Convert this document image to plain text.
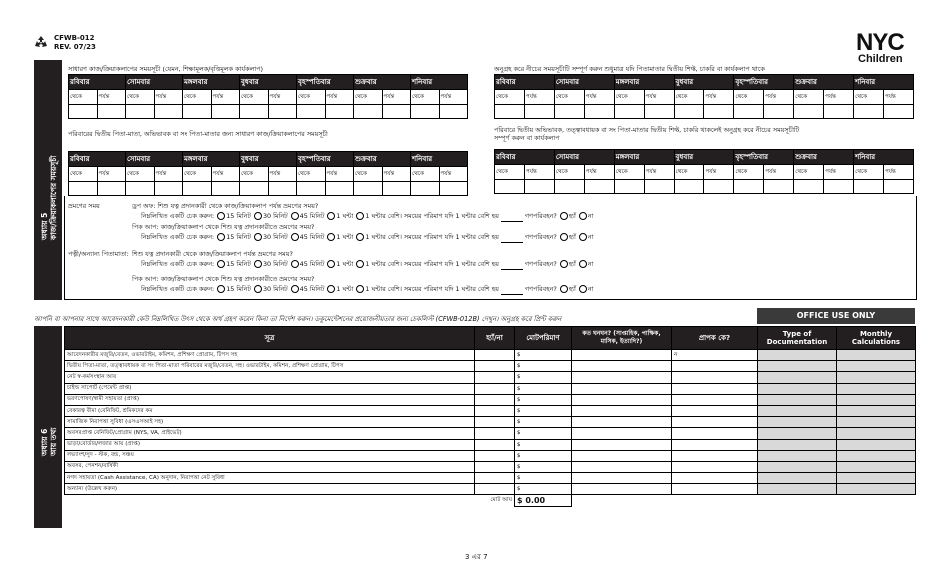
CFWB-012
REV. 07/23	NYC
Children
অধ্যায় 5
কাজ/ক্রিয়াকলাপের সময়সূচী
সাধারণ কাজ/ক্রিয়াকলাপের সময়সূচী (যেমন, শিক্ষামূলক/বৃত্তিমূলক কার্যকলাপ)	অনুগ্রহ করে নীচের সময়সূচীটি সম্পূর্ণ করুন শুধুমাত্র যদি পিতামাতার দ্বিতীয় শিফ্ট, চাকরি বা কার্যকলাপ থাকে
পরিবারের দ্বিতীয় পিতা-মাতা, অভিভাবক বা সং পিতা-মাতার জন্য সাধারণ কাজ/ক্রিয়াকলাপের সময়সূচী	পরিবারে দ্বিতীয় অভিভাবক, তত্ত্বাবধায়ক বা সং পিতা-মাতার দ্বিতীয় শিফ্ট, চাকরি থাকলেই অনুগ্রহ করে নীচের সময়সূচীটি
সম্পূর্ণ করুন বা কার্যকলাপ
রবিবার		সোমবার		মঙ্গলবার		বুধবার		বৃহস্পতিবার		শুক্রবার		শনিবার	
থেকে	পর্যন্ত	থেকে	পর্যন্ত	থেকে	পর্যন্ত	থেকে	পর্যন্ত	থেকে	পর্যন্ত	থেকে	পর্যন্ত	থেকে	পর্যন্ত

রবিবার		সোমবার		মঙ্গলবার		বুধবার		বৃহস্পতিবার		শুক্রবার		শনিবার	
থেকে	পর্যন্ত	থেকে	পর্যন্ত	থেকে	পর্যন্ত	থেকে	পর্যন্ত	থেকে	পর্যন্ত	থেকে	পর্যন্ত	থেকে	পর্যন্ত

রবিবার		সোমবার		মঙ্গলবার		বুধবার		বৃহস্পতিবার		শুক্রবার		শনিবার	
থেকে	পর্যন্ত	থেকে	পর্যন্ত	থেকে	পর্যন্ত	থেকে	পর্যন্ত	থেকে	পর্যন্ত	থেকে	পর্যন্ত	থেকে	পর্যন্ত

রবিবার		সোমবার		মঙ্গলবার		বুধবার		বৃহস্পতিবার		শুক্রবার		শনিবার	
থেকে	পর্যন্ত	থেকে	পর্যন্ত	থেকে	পর্যন্ত	থেকে	পর্যন্ত	থেকে	পর্যন্ত	থেকে	পর্যন্ত	থেকে	পর্যন্ত

ভ্রমণের সময়
পত্নী/অন্যান্য পিতামাতা:
ড্রপ অফ: শিশু যত্ন প্রদানকারী থেকে কাজ/ক্রিয়াকলাপ পর্যন্ত ভ্রমণের সময়?
নিম্নলিখিত একটি চেক করুন: 15 মিনিট 30 মিনিট 45 মিনিট 1 ঘন্টা 1 ঘন্টার বেশি। সময়ের পরিমাণ যদি 1 ঘন্টার বেশি হয়	গণপরিবহন? হ্যাঁ না
পিক আপ: কাজ/ক্রিয়াকলাপ থেকে শিশু যত্ন প্রদানকারীতে ভ্রমণের সময়?
নিম্নলিখিত একটি চেক করুন: 15 মিনিট 30 মিনিট 45 মিনিট 1 ঘন্টা 1 ঘন্টার বেশি। সময়ের পরিমাণ যদি 1 ঘন্টার বেশি হয়	গণপরিবহন? হ্যাঁ না
শিশু যত্ন প্রদানকারী থেকে কাজ/ক্রিয়াকলাপ পর্যন্ত ভ্রমণের সময়?
নিম্নলিখিত একটি চেক করুন: 15 মিনিট 30 মিনিট 45 মিনিট 1 ঘন্টা 1 ঘন্টার বেশি। সময়ের পরিমাণ যদি 1 ঘন্টার বেশি হয়	গণপরিবহন? হ্যাঁ না
পিক আপ: কাজ/ক্রিয়াকলাপ থেকে শিশু যত্ন প্রদানকারীতে ভ্রমণের সময়?
নিম্নলিখিত একটি চেক করুন: 15 মিনিট 30 মিনিট 45 মিনিট 1 ঘন্টা 1 ঘন্টার বেশি। সময়ের পরিমাণ যদি 1 ঘন্টার বেশি হয়	গণপরিবহন? হ্যাঁ না
আপনি বা আপনার সাথে আবেদনকারী কেউ নিম্নলিখিত উৎস থেকে অর্থ গ্রহণ করেন কিনা তা নির্দেশ করুন। ডকুমেন্টেশনের প্রয়োজনীয়তার জন্য চেকলিস্ট (CFWB-012B) দেখুন। অনুগ্রহ করে প্রিন্ট করুন	OFFICE USE ONLY
অধ্যায় 6
আয় তথ্য
সূত্র	হ্যাঁ/না	মোটপরিমাণ	কত ঘনঘন? (সাপ্তাহিক, পাক্ষিক, মাসিক, ইত্যাদি?)	প্রাপক কে?	Type of Documentation	Monthly Calculations
আবেদনকারীর মজুরি/বেতন, ওভারটাইম, কমিশন, প্রশিক্ষণ প্রোগ্রাম, টিপস সহ		$		ন		
দ্বিতীয় পিতা-মাতা, তত্ত্বাবধায়ক বা সং পিতা-মাতা পরিবারের মজুরি/বেতন, সহ। ওভারটাইম, কমিশন, প্রশিক্ষণ প্রোগ্রাম, টিপস		$				
নেট স্ব-কর্মসংস্থান আয়		$				
চাইল্ড সাপোর্ট (পেমেন্ট প্রাপ্ত)		$				
ভরণপোষণ/স্বামী সহায়তা (প্রাপ্ত)		$				
বেকারত্ব বীমা (বেনিফিট, শ্রমিকদের কম		$				
সামাজিক নিরাপত্তা সুবিধা (এসএসআই সহ)		$				
অবসরপ্রাপ্ত বেনিফিট/প্রোগ্রাম (NYS, VA, প্রাইভেট)		$				
ভাড়া/বোর্ডার/লজার আয় (প্রাপ্ত)		$				
লভ্যাংশ/সুদ - স্টক, বন্ড, সঞ্চয়		$				
অবসর, পেনশন/বার্ষিকী		$				
নগদ সহায়তা (Cash Assistance, CA) অনুদান, নিরাপত্তা নেট সুবিধা		$				
অন্যান্য (উল্লেখ করুন)		$				
মোট আয়		$ 0.00				
3 এর 7
